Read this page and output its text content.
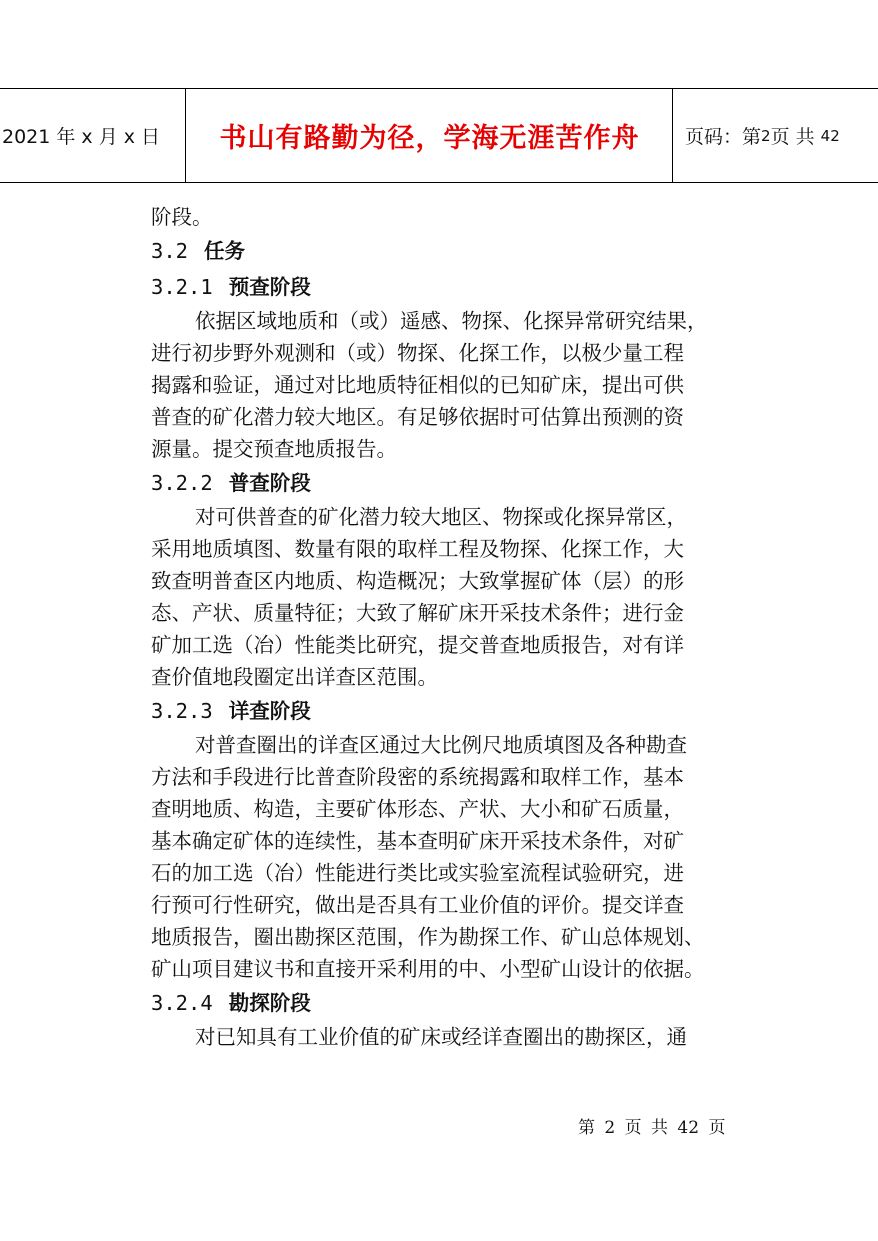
2021 年 x 月 x 日	书山有路勤为径，学海无涯苦作舟	页码：第 2 页 共
42
阶段。
3.2 任务
3.2.1 预查阶段
依据区域地质和（或）遥感、物探、化探异常研究结果，
进行初步野外观测和（或）物探、化探工作，以极少量工程
揭露和验证，通过对比地质特征相似的已知矿床，提出可供
普查的矿化潜力较大地区。有足够依据时可估算出预测的资
源量。提交预查地质报告。
3.2.2 普查阶段
对可供普查的矿化潜力较大地区、物探或化探异常区，
采用地质填图、数量有限的取样工程及物探、化探工作，大
致查明普查区内地质、构造概况；大致掌握矿体（层）的形
态、产状、质量特征；大致了解矿床开采技术条件；进行金
矿加工选（冶）性能类比研究，提交普查地质报告，对有详
查价值地段圈定出详查区范围。
3.2.3 详查阶段
对普查圈出的详查区通过大比例尺地质填图及各种勘查
方法和手段进行比普查阶段密的系统揭露和取样工作，基本
查明地质、构造，主要矿体形态、产状、大小和矿石质量，
基本确定矿体的连续性，基本查明矿床开采技术条件，对矿
石的加工选（冶）性能进行类比或实验室流程试验研究，进
行预可行性研究，做出是否具有工业价值的评价。提交详查
地质报告，圈出勘探区范围，作为勘探工作、矿山总体规划、
矿山项目建议书和直接开采利用的中、小型矿山设计的依据。
3.2.4 勘探阶段
对已知具有工业价值的矿床或经详查圈出的勘探区，通
第 2 页 共 42 页
